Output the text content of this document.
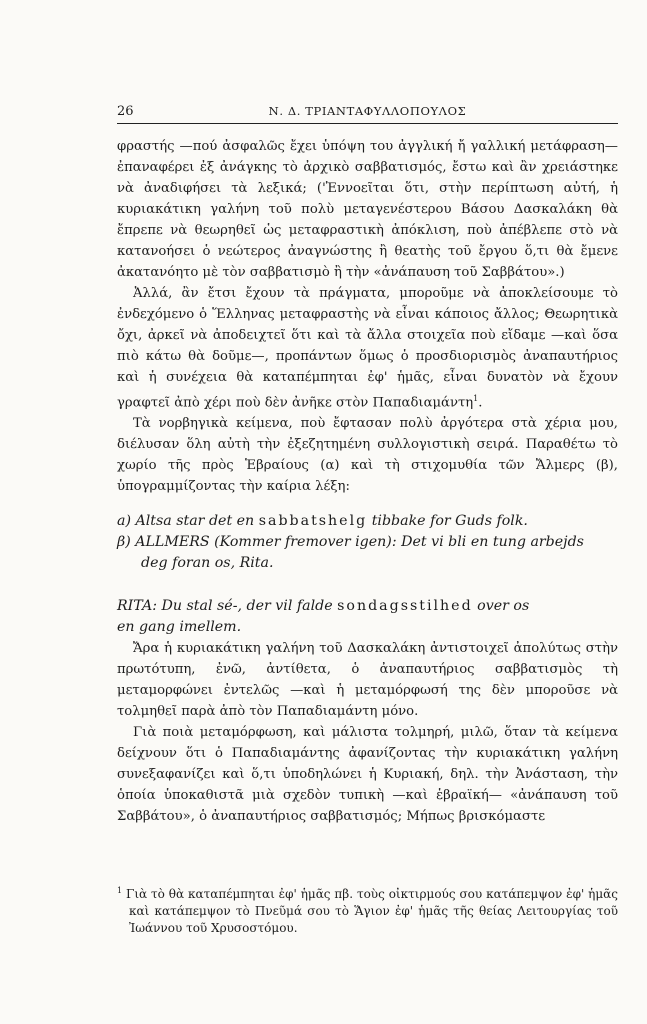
26	Ν. Δ. ΤΡΙΑΝΤΑΦΥΛΛΟΠΟΥΛΟΣ

φραστής —πού ἀσφαλῶς ἔχει ὑπόψη του ἀγγλική ἤ γαλλική μετάφραση— ἐπαναφέρει ἐξ ἀνάγκης τὸ ἀρχικὸ σαββατισμός, ἔστω καὶ ἂν χρειάστηκε νὰ ἀναδιφήσει τὰ λεξικά; ('Ἐννοεῖται ὅτι, στὴν περίπτωση αὐτή, ἡ κυριακάτικη γαλήνη τοῦ πολὺ μεταγενέστερου Βάσου Δασκαλάκη θὰ ἔπρεπε νὰ θεωρηθεῖ ὡς μεταφραστικὴ ἀπόκλιση, ποὺ ἀπέβλεπε στὸ νὰ κατανοήσει ὁ νεώτερος ἀναγνώστης ἢ θεατὴς τοῦ ἔργου ὅ,τι θὰ ἔμενε ἀκατανόητο μὲ τὸν σαββατισμὸ ἢ τὴν «ἀνάπαυση τοῦ Σαββάτου».)

Ἀλλά, ἂν ἔτσι ἔχουν τὰ πράγματα, μποροῦμε νὰ ἀποκλείσουμε τὸ ἐνδεχόμενο ὁ Ἕλληνας μεταφραστὴς νὰ εἶναι κάποιος ἄλλος; Θεωρητικὰ ὄχι, ἀρκεῖ νὰ ἀποδειχτεῖ ὅτι καὶ τὰ ἄλλα στοιχεῖα ποὺ εἴδαμε —καὶ ὅσα πιὸ κάτω θὰ δοῦμε—, προπάντων ὅμως ὁ προσδιορισμὸς ἀναπαυτήριος καὶ ἡ συνέχεια θὰ καταπέμπηται ἐφ' ἡμᾶς, εἶναι δυνατὸν νὰ ἔχουν γραφτεῖ ἀπὸ χέρι ποὺ δὲν ἀνῆκε στὸν Παπαδιαμάντη$^1$.

Τὰ νορβηγικὰ κείμενα, ποὺ ἔφτασαν πολὺ ἀργότερα στὰ χέρια μου, διέλυσαν ὅλη αὐτὴ τὴν ἐξεζητημένη συλλογιστικὴ σειρά. Παραθέτω τὸ χωρίο τῆς πρὸς Ἑβραίους (α) καὶ τὴ στιχομυθία τῶν Ἄλμερς (β), ὑπογραμμίζοντας τὴν καίρια λέξη:

a) Altsa star det en sabbatshelg tibbake for Guds folk.
β) ALLMERS (Kommer fremover igen): Det vi bli en tung arbejds
deg foran os, Rita.
RITA: Du stal sé-, der vil falde sondagsstilhed over os
en gang imellem.

Ἄρα ἡ κυριακάτικη γαλήνη τοῦ Δασκαλάκη ἀντιστοιχεῖ ἀπολύτως στὴν πρωτότυπη, ἐνῶ, ἀντίθετα, ὁ ἀναπαυτήριος σαββατισμὸς τὴ μεταμορφώνει ἐντελῶς —καὶ ἡ μεταμόρφωσή της δὲν μποροῦσε νὰ τολμηθεῖ παρὰ ἀπὸ τὸν Παπαδιαμάντη μόνο.

Γιὰ ποιὰ μεταμόρφωση, καὶ μάλιστα τολμηρή, μιλῶ, ὅταν τὰ κείμενα δείχνουν ὅτι ὁ Παπαδιαμάντης ἀφανίζοντας τὴν κυριακάτικη γαλήνη συνεξαφανίζει καὶ ὅ,τι ὑποδηλώνει ἡ Κυριακή, δηλ. τὴν Ἀνάσταση, τὴν ὁποία ὑποκαθιστᾶ μιὰ σχεδὸν τυπικὴ —καὶ ἑβραϊκή— «ἀνάπαυση τοῦ Σαββάτου», ὁ ἀναπαυτήριος σαββατισμός; Μήπως βρισκόμαστε

$^1$ Γιὰ τὸ θὰ καταπέμπηται ἐφ' ἡμᾶς πβ. τοὺς οἰκτιρμούς σου κατάπεμψον ἐφ' ἡμᾶς καὶ κατάπεμψον τὸ Πνεῦμά σου τὸ Ἅγιον ἐφ' ἡμᾶς τῆς θείας Λειτουργίας τοῦ Ἰωάννου τοῦ Χρυσοστόμου.
